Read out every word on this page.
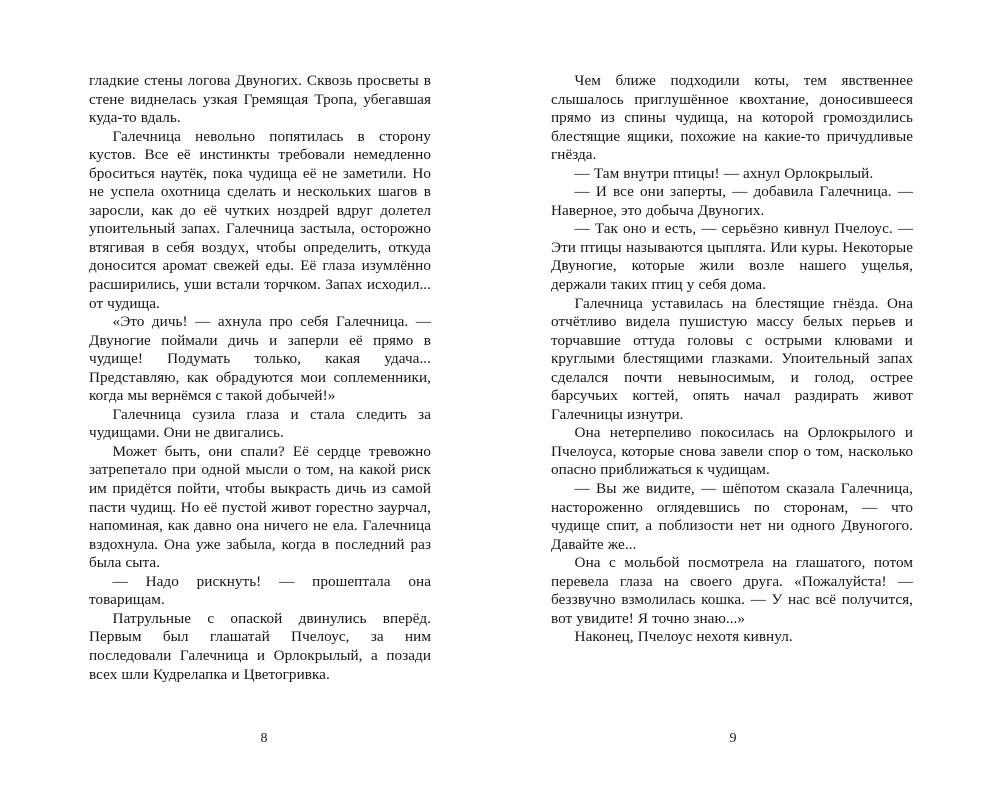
гладкие стены логова Двуногих. Сквозь просветы в стене виднелась узкая Гремящая Тропа, убегавшая куда-то вдаль.

Галечница невольно попятилась в сторону кустов. Все её инстинкты требовали немедленно броситься наутёк, пока чудища её не заметили. Но не успела охотница сделать и нескольких шагов в заросли, как до её чутких ноздрей вдруг долетел упоительный запах. Галечница застыла, осторожно втягивая в себя воздух, чтобы определить, откуда доносится аромат свежей еды. Её глаза изумлённо расширились, уши встали торчком. Запах исходил... от чудища.

«Это дичь! — ахнула про себя Галечница. — Двуногие поймали дичь и заперли её прямо в чудище! Подумать только, какая удача... Представляю, как обрадуются мои соплеменники, когда мы вернёмся с такой добычей!»

Галечница сузила глаза и стала следить за чудищами. Они не двигались.

Может быть, они спали? Её сердце тревожно затрепетало при одной мысли о том, на какой риск им придётся пойти, чтобы выкрасть дичь из самой пасти чудищ. Но её пустой живот горестно заурчал, напоминая, как давно она ничего не ела. Галечница вздохнула. Она уже забыла, когда в последний раз была сыта.

— Надо рискнуть! — прошептала она товарищам.

Патрульные с опаской двинулись вперёд. Первым был глашатай Пчелоус, за ним последовали Галечница и Орлокрылый, а позади всех шли Кудрелапка и Цветогривка.

8

Чем ближе подходили коты, тем явственнее слышалось приглушённое квохтание, доносившееся прямо из спины чудища, на которой громоздились блестящие ящики, похожие на какие-то причудливые гнёзда.

— Там внутри птицы! — ахнул Орлокрылый.

— И все они заперты, — добавила Галечница. — Наверное, это добыча Двуногих.

— Так оно и есть, — серьёзно кивнул Пчелоус. — Эти птицы называются цыплята. Или куры. Некоторые Двуногие, которые жили возле нашего ущелья, держали таких птиц у себя дома.

Галечница уставилась на блестящие гнёзда. Она отчётливо видела пушистую массу белых перьев и торчавшие оттуда головы с острыми клювами и круглыми блестящими глазками. Упоительный запах сделался почти невыносимым, и голод, острее барсучьих когтей, опять начал раздирать живот Галечницы изнутри.

Она нетерпеливо покосилась на Орлокрылого и Пчелоуса, которые снова завели спор о том, насколько опасно приближаться к чудищам.

— Вы же видите, — шёпотом сказала Галечница, настороженно оглядевшись по сторонам, — что чудище спит, а поблизости нет ни одного Двуногого. Давайте же...

Она с мольбой посмотрела на глашатого, потом перевела глаза на своего друга. «Пожалуйста! — беззвучно взмолилась кошка. — У нас всё получится, вот увидите! Я точно знаю...»

Наконец, Пчелоус нехотя кивнул.

9
